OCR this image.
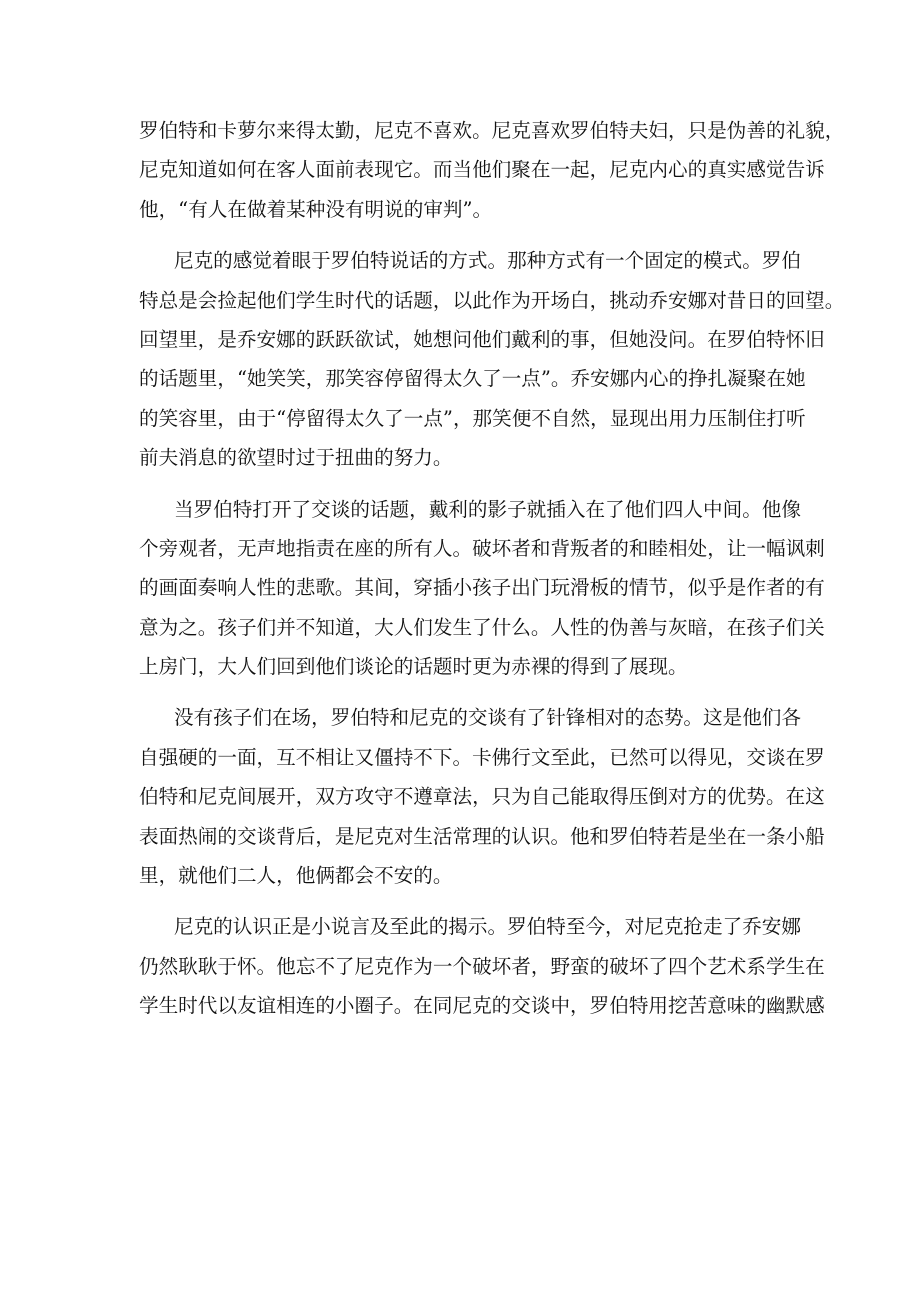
罗伯特和卡萝尔来得太勤，尼克不喜欢。尼克喜欢罗伯特夫妇，只是伪善的礼貌，
尼克知道如何在客人面前表现它。而当他们聚在一起，尼克内心的真实感觉告诉
他，“有人在做着某种没有明说的审判”。
尼克的感觉着眼于罗伯特说话的方式。那种方式有一个固定的模式。罗伯
特总是会捡起他们学生时代的话题，以此作为开场白，挑动乔安娜对昔日的回望。
回望里，是乔安娜的跃跃欲试，她想问他们戴利的事，但她没问。在罗伯特怀旧
的话题里，“她笑笑，那笑容停留得太久了一点”。乔安娜内心的挣扎凝聚在她
的笑容里，由于“停留得太久了一点”，那笑便不自然，显现出用力压制住打听
前夫消息的欲望时过于扭曲的努力。
当罗伯特打开了交谈的话题，戴利的影子就插入在了他们四人中间。他像
个旁观者，无声地指责在座的所有人。破坏者和背叛者的和睦相处，让一幅讽刺
的画面奏响人性的悲歌。其间，穿插小孩子出门玩滑板的情节，似乎是作者的有
意为之。孩子们并不知道，大人们发生了什么。人性的伪善与灰暗，在孩子们关
上房门，大人们回到他们谈论的话题时更为赤裸的得到了展现。
没有孩子们在场，罗伯特和尼克的交谈有了针锋相对的态势。这是他们各
自强硬的一面，互不相让又僵持不下。卡佛行文至此，已然可以得见，交谈在罗
伯特和尼克间展开，双方攻守不遵章法，只为自己能取得压倒对方的优势。在这
表面热闹的交谈背后，是尼克对生活常理的认识。他和罗伯特若是坐在一条小船
里，就他们二人，他俩都会不安的。
尼克的认识正是小说言及至此的揭示。罗伯特至今，对尼克抢走了乔安娜
仍然耿耿于怀。他忘不了尼克作为一个破坏者，野蛮的破坏了四个艺术系学生在
学生时代以友谊相连的小圈子。在同尼克的交谈中，罗伯特用挖苦意味的幽默感
